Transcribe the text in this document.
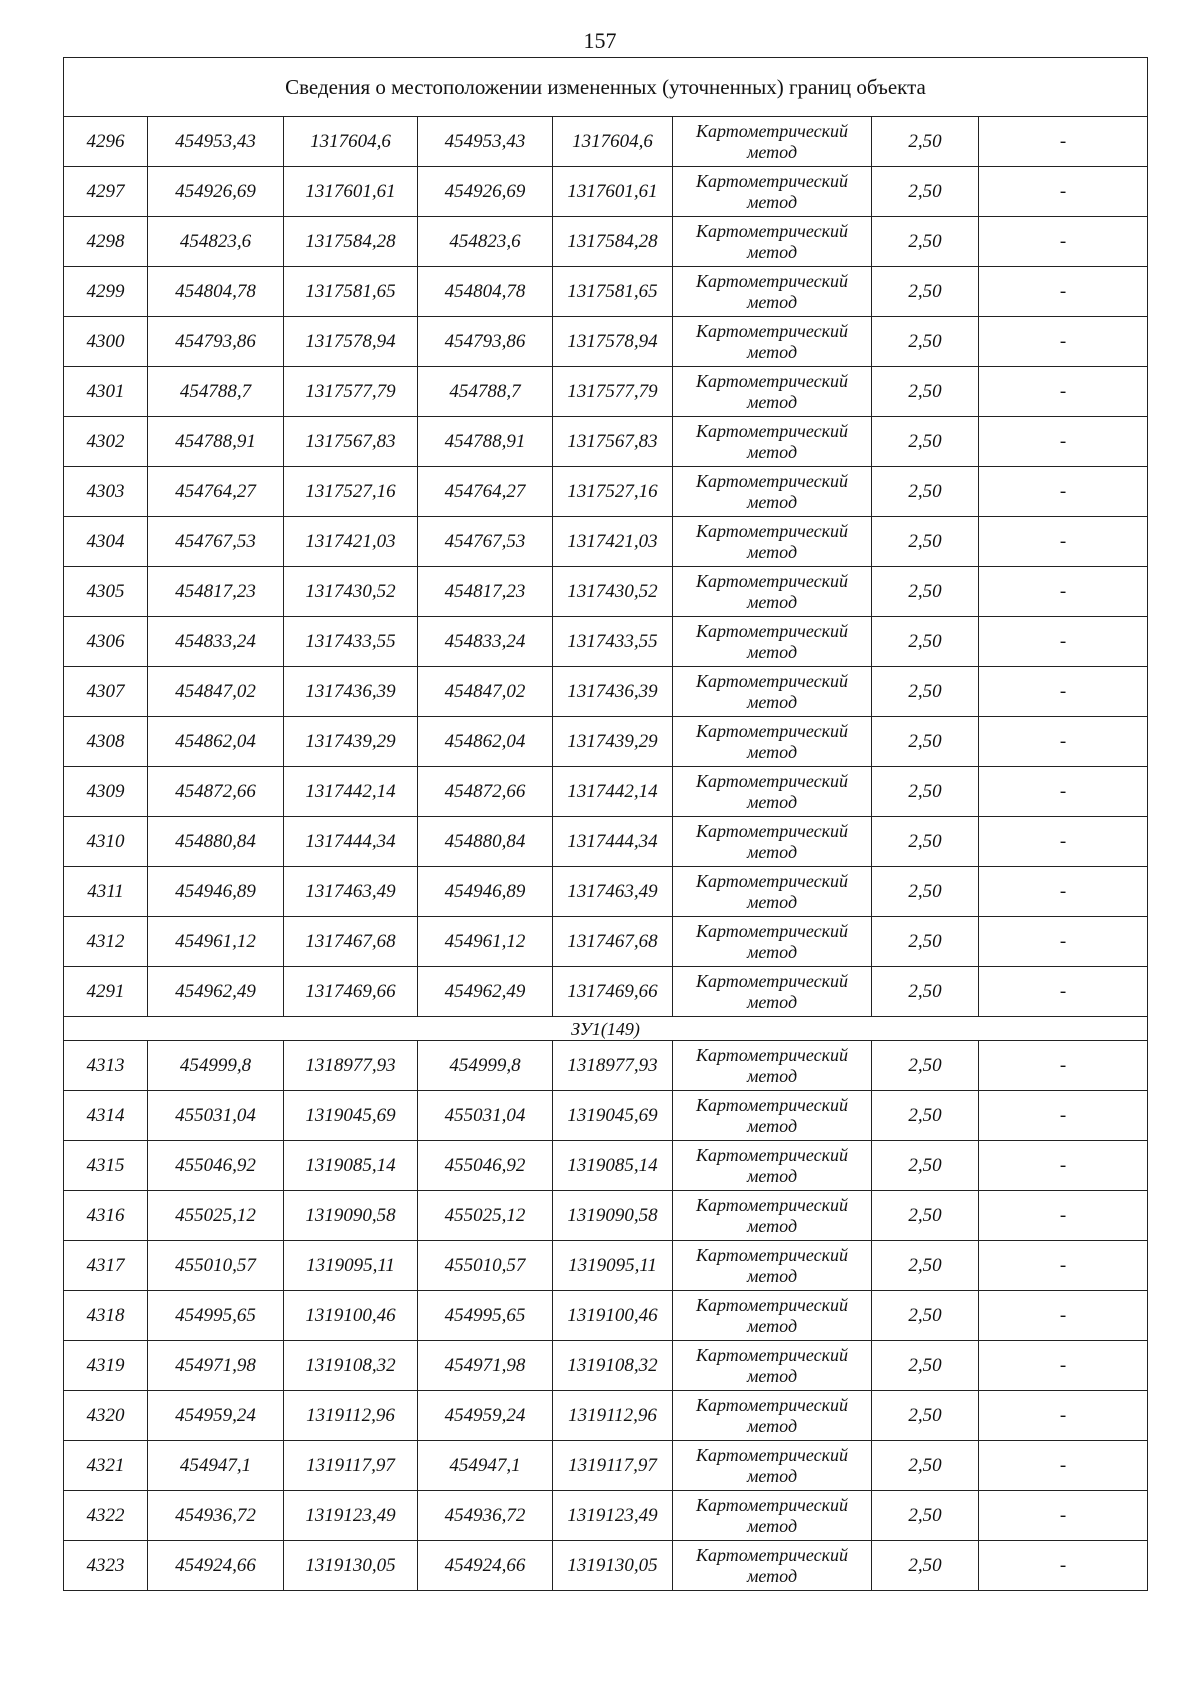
157
Сведения о местоположении измененных (уточненных) границ объекта							
4296	454953,43	1317604,6	454953,43	1317604,6	Картометрический
метод	2,50	-
4297	454926,69	1317601,61	454926,69	1317601,61	Картометрический
метод	2,50	-
4298	454823,6	1317584,28	454823,6	1317584,28	Картометрический
метод	2,50	-
4299	454804,78	1317581,65	454804,78	1317581,65	Картометрический
метод	2,50	-
4300	454793,86	1317578,94	454793,86	1317578,94	Картометрический
метод	2,50	-
4301	454788,7	1317577,79	454788,7	1317577,79	Картометрический
метод	2,50	-
4302	454788,91	1317567,83	454788,91	1317567,83	Картометрический
метод	2,50	-
4303	454764,27	1317527,16	454764,27	1317527,16	Картометрический
метод	2,50	-
4304	454767,53	1317421,03	454767,53	1317421,03	Картометрический
метод	2,50	-
4305	454817,23	1317430,52	454817,23	1317430,52	Картометрический
метод	2,50	-
4306	454833,24	1317433,55	454833,24	1317433,55	Картометрический
метод	2,50	-
4307	454847,02	1317436,39	454847,02	1317436,39	Картометрический
метод	2,50	-
4308	454862,04	1317439,29	454862,04	1317439,29	Картометрический
метод	2,50	-
4309	454872,66	1317442,14	454872,66	1317442,14	Картометрический
метод	2,50	-
4310	454880,84	1317444,34	454880,84	1317444,34	Картометрический
метод	2,50	-
4311	454946,89	1317463,49	454946,89	1317463,49	Картометрический
метод	2,50	-
4312	454961,12	1317467,68	454961,12	1317467,68	Картометрический
метод	2,50	-
4291	454962,49	1317469,66	454962,49	1317469,66	Картометрический
метод	2,50	-
ЗУ1(149)							
4313	454999,8	1318977,93	454999,8	1318977,93	Картометрический
метод	2,50	-
4314	455031,04	1319045,69	455031,04	1319045,69	Картометрический
метод	2,50	-
4315	455046,92	1319085,14	455046,92	1319085,14	Картометрический
метод	2,50	-
4316	455025,12	1319090,58	455025,12	1319090,58	Картометрический
метод	2,50	-
4317	455010,57	1319095,11	455010,57	1319095,11	Картометрический
метод	2,50	-
4318	454995,65	1319100,46	454995,65	1319100,46	Картометрический
метод	2,50	-
4319	454971,98	1319108,32	454971,98	1319108,32	Картометрический
метод	2,50	-
4320	454959,24	1319112,96	454959,24	1319112,96	Картометрический
метод	2,50	-
4321	454947,1	1319117,97	454947,1	1319117,97	Картометрический
метод	2,50	-
4322	454936,72	1319123,49	454936,72	1319123,49	Картометрический
метод	2,50	-
4323	454924,66	1319130,05	454924,66	1319130,05	Картометрический
метод	2,50	-
